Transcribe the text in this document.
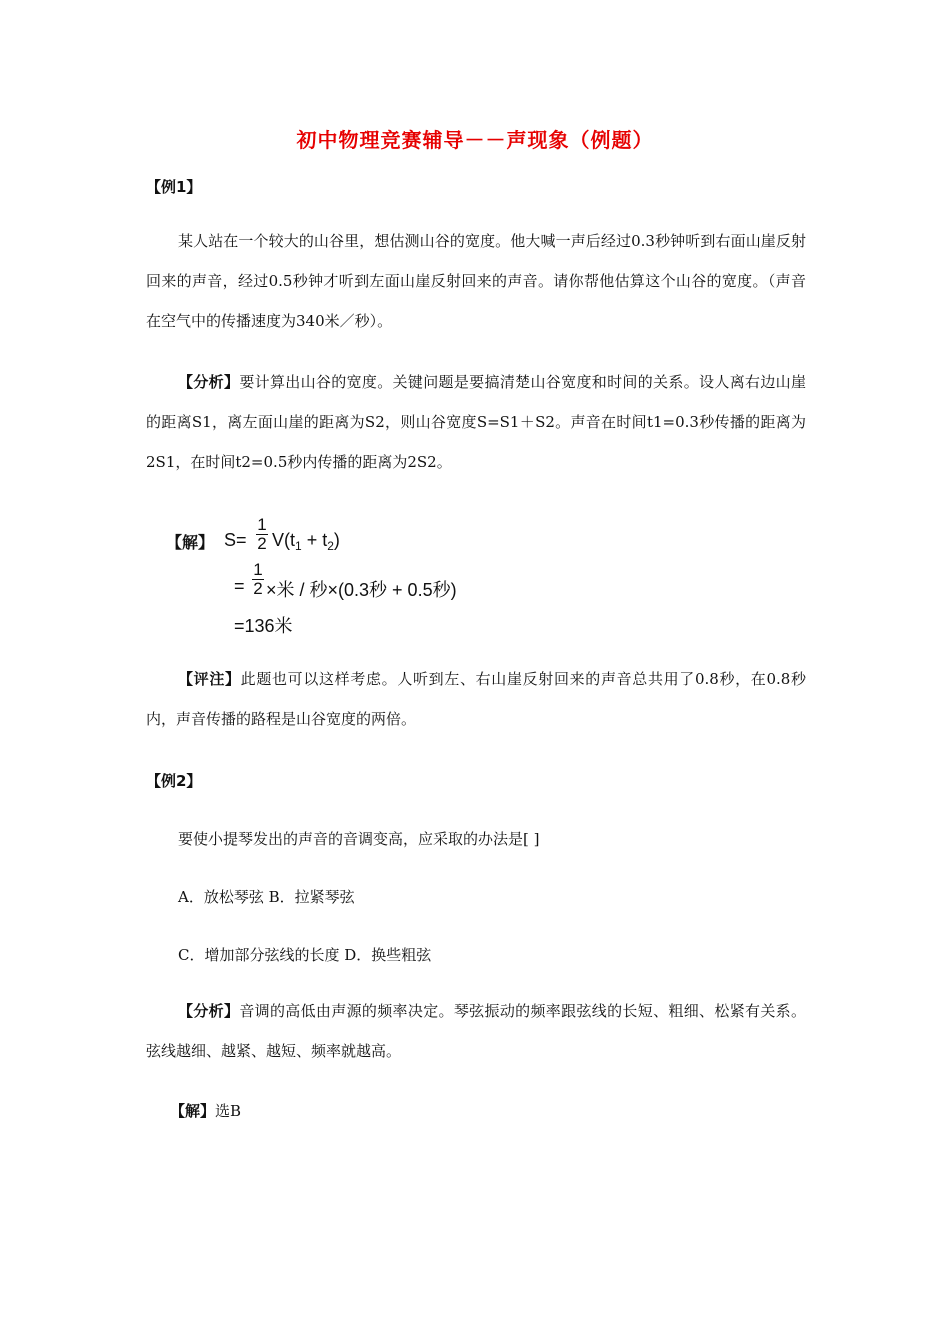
初中物理竞赛辅导－－声现象（例题）
【例1】
某人站在一个较大的山谷里，想估测山谷的宽度。他大喊一声后经过0.3秒钟听到右面山崖反射回来的声音，经过0.5秒钟才听到左面山崖反射回来的声音。请你帮他估算这个山谷的宽度。（声音在空气中的传播速度为340米／秒）。
【分析】要计算出山谷的宽度。关键问题是要搞清楚山谷宽度和时间的关系。设人离右边山崖的距离S1，离左面山崖的距离为S2，则山谷宽度S=S1＋S2。声音在时间t1=0.3秒传播的距离为2S1，在时间t2=0.5秒内传播的距离为2S2。
【解】 S=
1
2 $V(t_1 + t_2)$
=
1
2 ×米 / 秒×(0.3秒 + 0.5秒)
=136米
【评注】此题也可以这样考虑。人听到左、右山崖反射回来的声音总共用了0.8秒，在0.8秒内，声音传播的路程是山谷宽度的两倍。
【例2】
要使小提琴发出的声音的音调变高，应采取的办法是[ ]
A．放松琴弦 B．拉紧琴弦
C．增加部分弦线的长度 D．换些粗弦
【分析】音调的高低由声源的频率决定。琴弦振动的频率跟弦线的长短、粗细、松紧有关系。弦线越细、越紧、越短、频率就越高。
【解】选B
